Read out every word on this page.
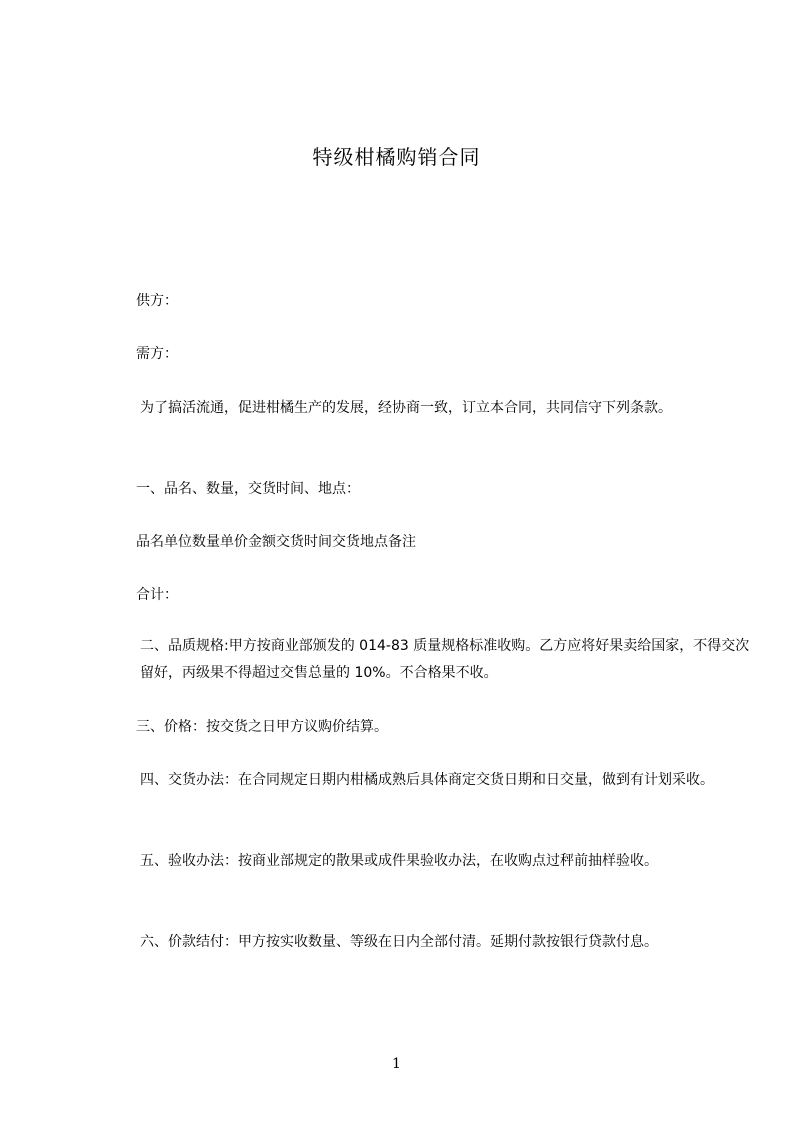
特级柑橘购销合同

供方：

需方：

为了搞活流通，促进柑橘生产的发展，经协商一致，订立本合同，共同信守下列条款。

一、品名、数量，交货时间、地点：

品名单位数量单价金额交货时间交货地点备注

合计：

二、品质规格:甲方按商业部颁发的 014-83 质量规格标准收购。乙方应将好果卖给国家，不得交次留好，丙级果不得超过交售总量的 10%。不合格果不收。

三、价格：按交货之日甲方议购价结算。

四、交货办法：在合同规定日期内柑橘成熟后具体商定交货日期和日交量，做到有计划采收。

五、验收办法：按商业部规定的散果或成件果验收办法，在收购点过秤前抽样验收。

六、价款结付：甲方按实收数量、等级在日内全部付清。延期付款按银行贷款付息。

1
